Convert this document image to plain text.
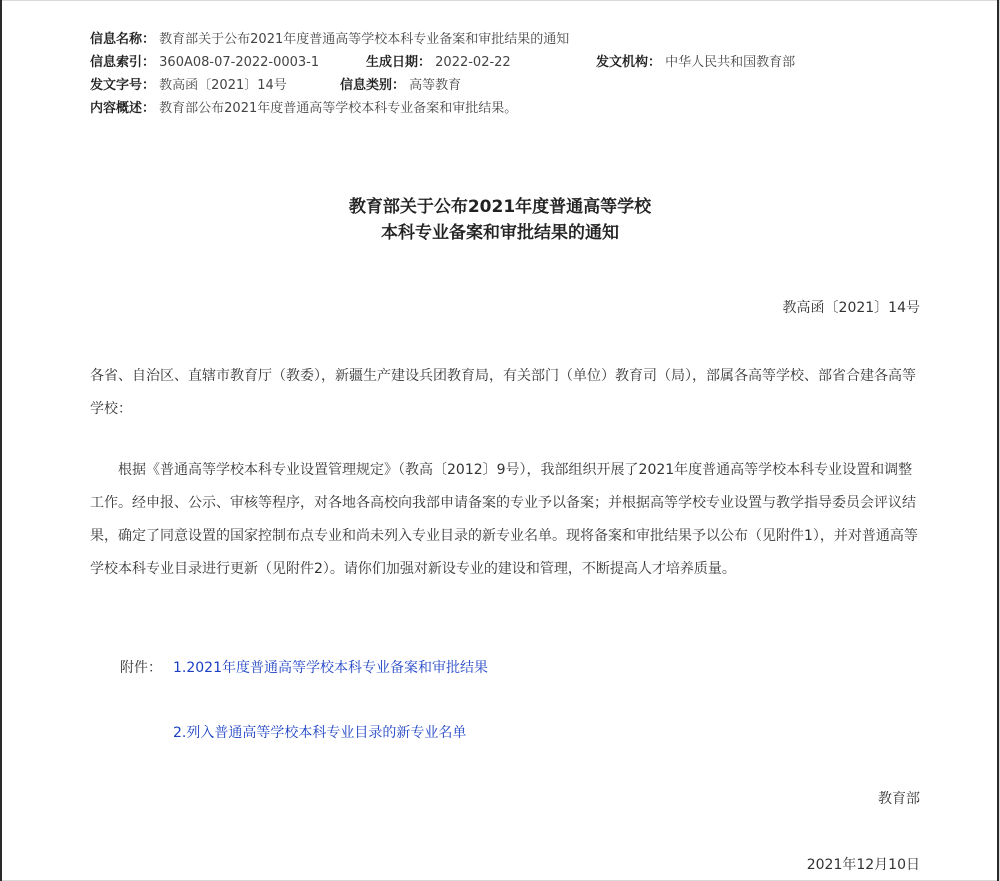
信息名称： 教育部关于公布2021年度普通高等学校本科专业备案和审批结果的通知
信息索引： 360A08-07-2022-0003-1	生成日期： 2022-02-22	发文机构： 中华人民共和国教育部
发文字号： 教高函〔2021〕14号	信息类别： 高等教育
内容概述： 教育部公布2021年度普通高等学校本科专业备案和审批结果。
教育部关于公布2021年度普通高等学校
本科专业备案和审批结果的通知
教高函〔2021〕14号
各省、自治区、直辖市教育厅（教委），新疆生产建设兵团教育局，有关部门（单位）教育司（局），部属各高等学校、部省合建各高等学校：
根据《普通高等学校本科专业设置管理规定》（教高〔2012〕9号），我部组织开展了2021年度普通高等学校本科专业设置和调整工作。经申报、公示、审核等程序，对各地各高校向我部申请备案的专业予以备案；并根据高等学校专业设置与教学指导委员会评议结果，确定了同意设置的国家控制布点专业和尚未列入专业目录的新专业名单。现将备案和审批结果予以公布（见附件1），并对普通高等学校本科专业目录进行更新（见附件2）。请你们加强对新设专业的建设和管理，不断提高人才培养质量。
附件： 1.2021年度普通高等学校本科专业备案和审批结果
2.列入普通高等学校本科专业目录的新专业名单
教育部
2021年12月10日
